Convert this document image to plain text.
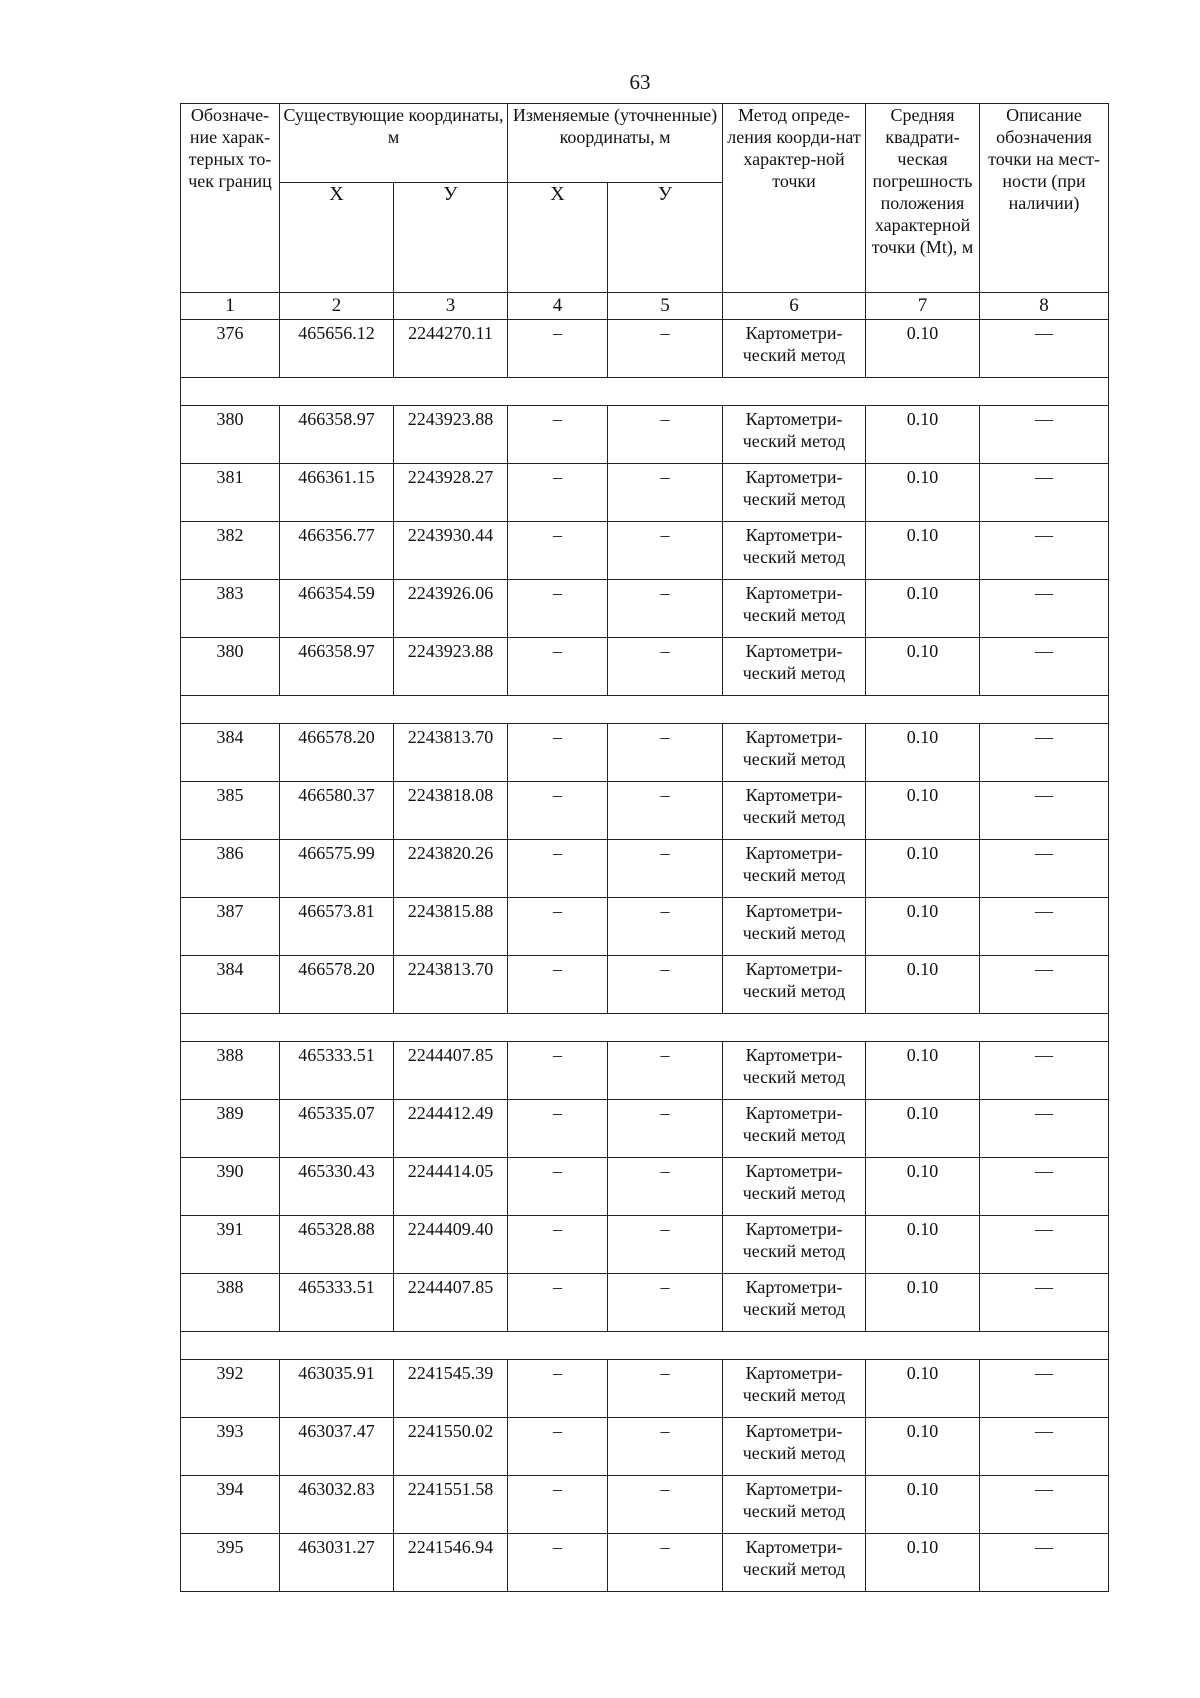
63
Обозначе-ние харак-терных то-чек границ	Существующие координаты, м		Изменяемые (уточненные) координаты, м		Метод опреде-ления коорди-нат характер-ной точки	Средняя квадрати-ческая погрешность положения характерной точки (Mt), м	Описание обозначения точки на мест-ности (при наличии)
	Х	У	Х	У			
1	2	3	4	5	6	7	8
376	465656.12	2244270.11	–	–	Картометри-
ческий метод	0.10	—

380	466358.97	2243923.88	–	–	Картометри-
ческий метод	0.10	—
381	466361.15	2243928.27	–	–	Картометри-
ческий метод	0.10	—
382	466356.77	2243930.44	–	–	Картометри-
ческий метод	0.10	—
383	466354.59	2243926.06	–	–	Картометри-
ческий метод	0.10	—
380	466358.97	2243923.88	–	–	Картометри-
ческий метод	0.10	—

384	466578.20	2243813.70	–	–	Картометри-
ческий метод	0.10	—
385	466580.37	2243818.08	–	–	Картометри-
ческий метод	0.10	—
386	466575.99	2243820.26	–	–	Картометри-
ческий метод	0.10	—
387	466573.81	2243815.88	–	–	Картометри-
ческий метод	0.10	—
384	466578.20	2243813.70	–	–	Картометри-
ческий метод	0.10	—

388	465333.51	2244407.85	–	–	Картометри-
ческий метод	0.10	—
389	465335.07	2244412.49	–	–	Картометри-
ческий метод	0.10	—
390	465330.43	2244414.05	–	–	Картометри-
ческий метод	0.10	—
391	465328.88	2244409.40	–	–	Картометри-
ческий метод	0.10	—
388	465333.51	2244407.85	–	–	Картометри-
ческий метод	0.10	—

392	463035.91	2241545.39	–	–	Картометри-
ческий метод	0.10	—
393	463037.47	2241550.02	–	–	Картометри-
ческий метод	0.10	—
394	463032.83	2241551.58	–	–	Картометри-
ческий метод	0.10	—
395	463031.27	2241546.94	–	–	Картометри-
ческий метод	0.10	—
